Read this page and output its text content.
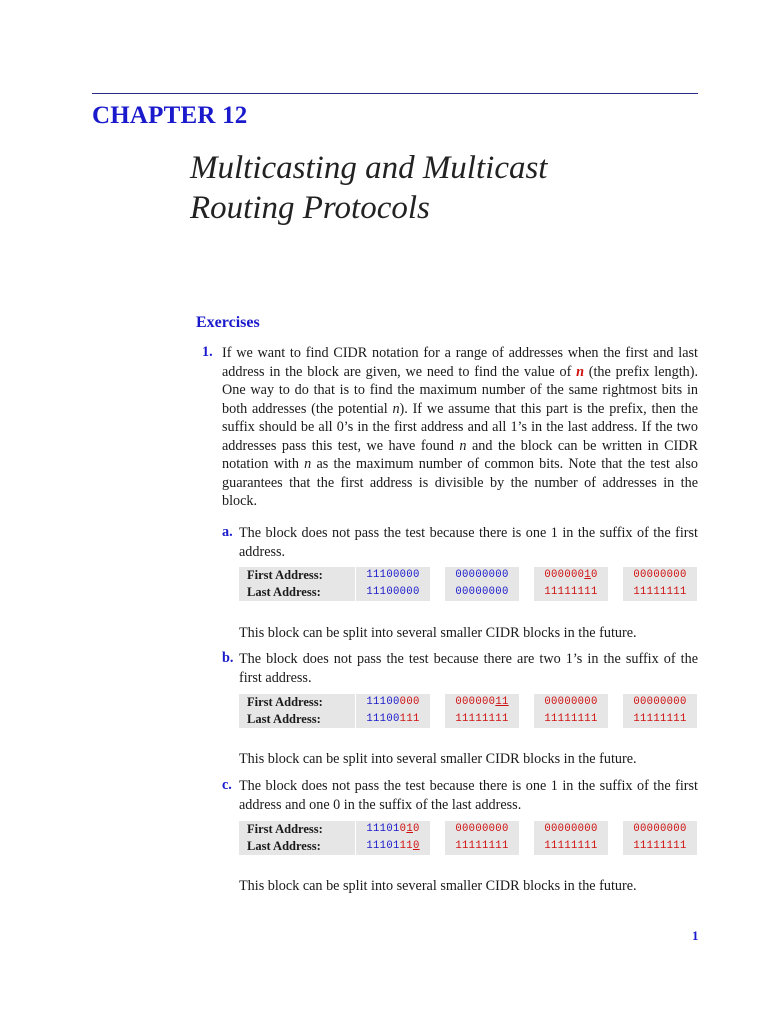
CHAPTER 12
Multicasting and Multicast
Routing Protocols
Exercises
1. If we want to find CIDR notation for a range of addresses when the first and last address in the block are given, we need to find the value of n (the prefix length). One way to do that is to find the maximum number of the same rightmost bits in both addresses (the potential n). If we assume that this part is the prefix, then the suffix should be all 0’s in the first address and all 1’s in the last address. If the two addresses pass this test, we have found n and the block can be written in CIDR notation with n as the maximum number of common bits. Note that the test also guarantees that the first address is divisible by the number of addresses in the block.
a. The block does not pass the test because there is one 1 in the suffix of the first address.
First Address:	11100000	00000000	00000010	00000000
Last Address:	11100000	00000000	11111111	11111111
This block can be split into several smaller CIDR blocks in the future.
b. The block does not pass the test because there are two 1’s in the suffix of the first address.
First Address:	11100000	00000011	00000000	00000000
Last Address:	11100111	11111111	11111111	11111111
This block can be split into several smaller CIDR blocks in the future.
c. The block does not pass the test because there is one 1 in the suffix of the first address and one 0 in the suffix of the last address.
First Address:	11101010	00000000	00000000	00000000
Last Address:	11101110	11111111	11111111	11111111
This block can be split into several smaller CIDR blocks in the future.
1
